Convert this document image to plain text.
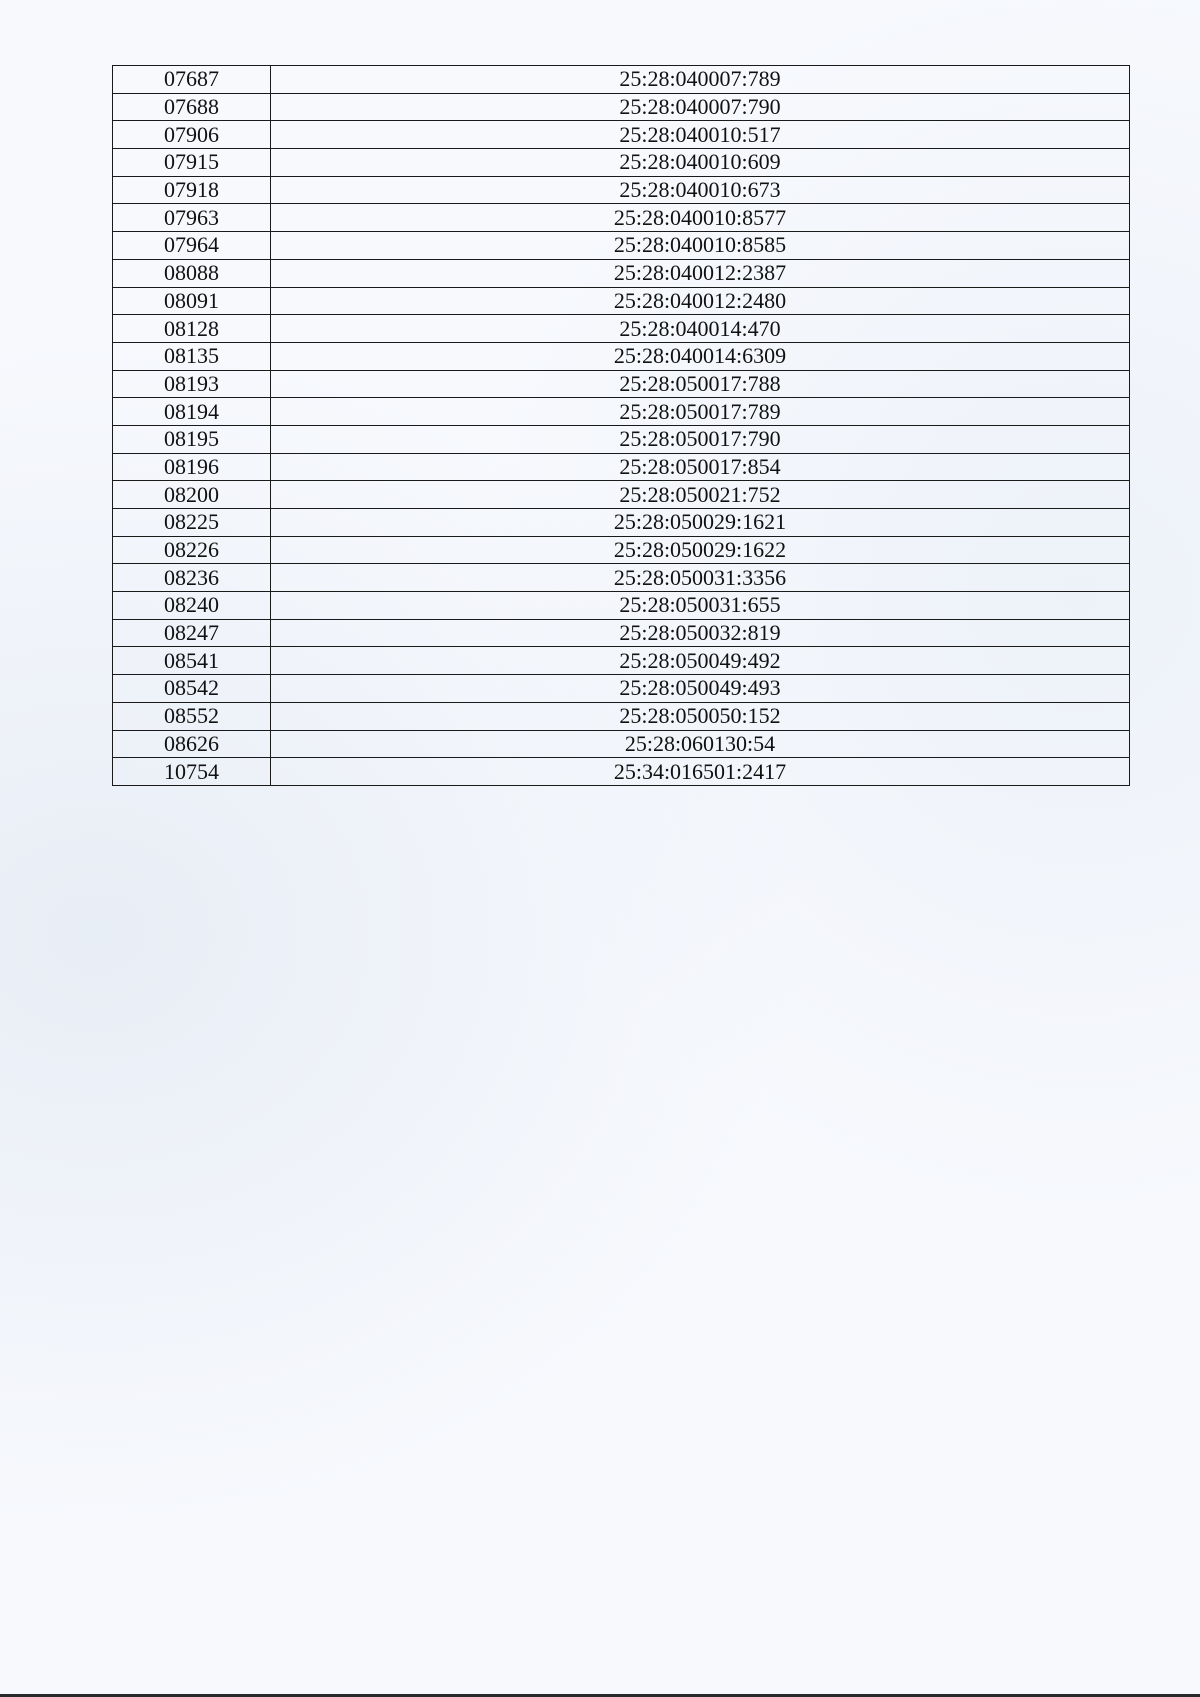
07687	25:28:040007:789
07688	25:28:040007:790
07906	25:28:040010:517
07915	25:28:040010:609
07918	25:28:040010:673
07963	25:28:040010:8577
07964	25:28:040010:8585
08088	25:28:040012:2387
08091	25:28:040012:2480
08128	25:28:040014:470
08135	25:28:040014:6309
08193	25:28:050017:788
08194	25:28:050017:789
08195	25:28:050017:790
08196	25:28:050017:854
08200	25:28:050021:752
08225	25:28:050029:1621
08226	25:28:050029:1622
08236	25:28:050031:3356
08240	25:28:050031:655
08247	25:28:050032:819
08541	25:28:050049:492
08542	25:28:050049:493
08552	25:28:050050:152
08626	25:28:060130:54
10754	25:34:016501:2417
